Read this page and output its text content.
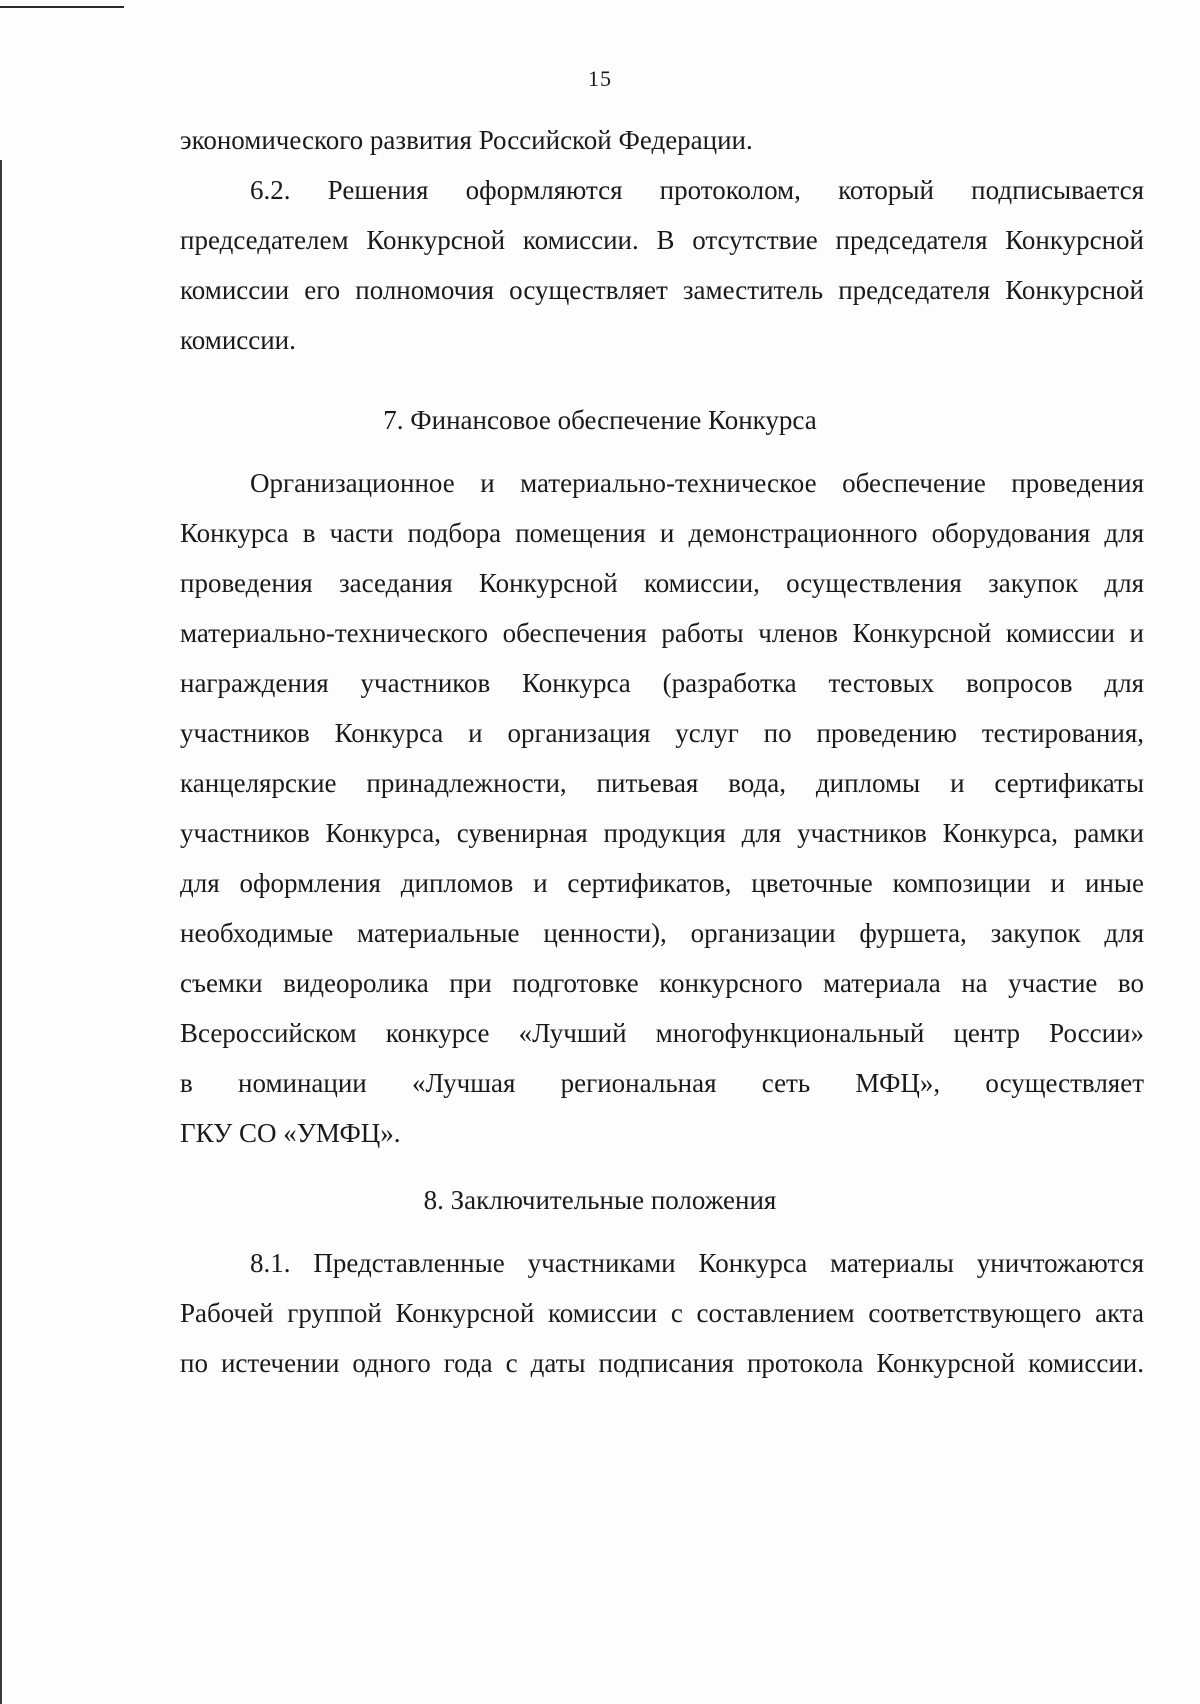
15
экономического развития Российской Федерации.
6.2. Решения оформляются протоколом, который подписывается
председателем Конкурсной комиссии. В отсутствие председателя Конкурсной
комиссии его полномочия осуществляет заместитель председателя Конкурсной
комиссии.
7. Финансовое обеспечение Конкурса
Организационное и материально-техническое обеспечение проведения
Конкурса в части подбора помещения и демонстрационного оборудования для
проведения заседания Конкурсной комиссии, осуществления закупок для
материально-технического обеспечения работы членов Конкурсной комиссии и
награждения участников Конкурса (разработка тестовых вопросов для
участников Конкурса и организация услуг по проведению тестирования,
канцелярские принадлежности, питьевая вода, дипломы и сертификаты
участников Конкурса, сувенирная продукция для участников Конкурса, рамки
для оформления дипломов и сертификатов, цветочные композиции и иные
необходимые материальные ценности), организации фуршета, закупок для
съемки видеоролика при подготовке конкурсного материала на участие во
Всероссийском конкурсе «Лучший многофункциональный центр России»
в номинации «Лучшая региональная сеть МФЦ», осуществляет
ГКУ СО «УМФЦ».
8. Заключительные положения
8.1. Представленные участниками Конкурса материалы уничтожаются
Рабочей группой Конкурсной комиссии с составлением соответствующего акта
по истечении одного года с даты подписания протокола Конкурсной комиссии.
